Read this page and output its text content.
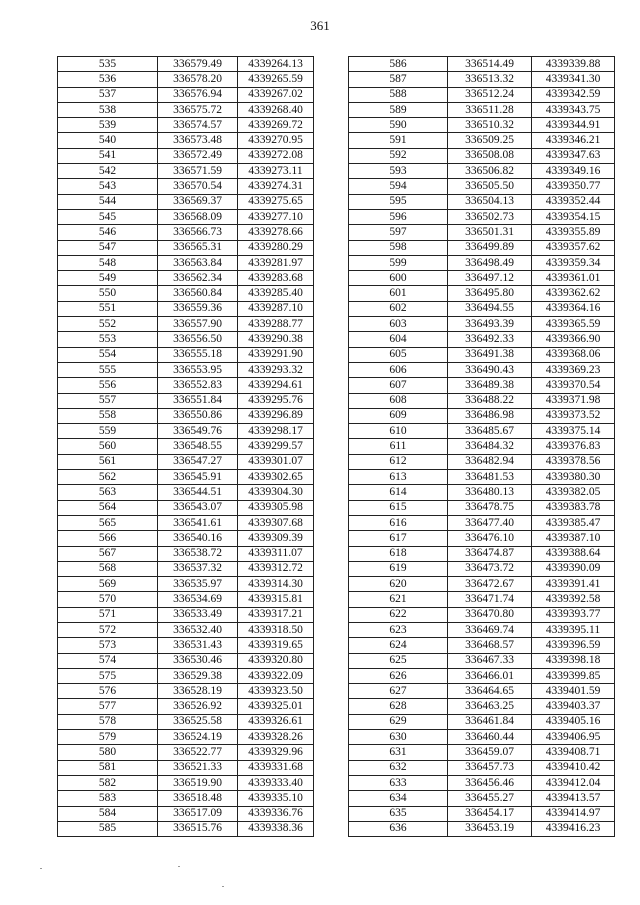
361
535	336579.49	4339264.13
536	336578.20	4339265.59
537	336576.94	4339267.02
538	336575.72	4339268.40
539	336574.57	4339269.72
540	336573.48	4339270.95
541	336572.49	4339272.08
542	336571.59	4339273.11
543	336570.54	4339274.31
544	336569.37	4339275.65
545	336568.09	4339277.10
546	336566.73	4339278.66
547	336565.31	4339280.29
548	336563.84	4339281.97
549	336562.34	4339283.68
550	336560.84	4339285.40
551	336559.36	4339287.10
552	336557.90	4339288.77
553	336556.50	4339290.38
554	336555.18	4339291.90
555	336553.95	4339293.32
556	336552.83	4339294.61
557	336551.84	4339295.76
558	336550.86	4339296.89
559	336549.76	4339298.17
560	336548.55	4339299.57
561	336547.27	4339301.07
562	336545.91	4339302.65
563	336544.51	4339304.30
564	336543.07	4339305.98
565	336541.61	4339307.68
566	336540.16	4339309.39
567	336538.72	4339311.07
568	336537.32	4339312.72
569	336535.97	4339314.30
570	336534.69	4339315.81
571	336533.49	4339317.21
572	336532.40	4339318.50
573	336531.43	4339319.65
574	336530.46	4339320.80
575	336529.38	4339322.09
576	336528.19	4339323.50
577	336526.92	4339325.01
578	336525.58	4339326.61
579	336524.19	4339328.26
580	336522.77	4339329.96
581	336521.33	4339331.68
582	336519.90	4339333.40
583	336518.48	4339335.10
584	336517.09	4339336.76
585	336515.76	4339338.36
586	336514.49	4339339.88
587	336513.32	4339341.30
588	336512.24	4339342.59
589	336511.28	4339343.75
590	336510.32	4339344.91
591	336509.25	4339346.21
592	336508.08	4339347.63
593	336506.82	4339349.16
594	336505.50	4339350.77
595	336504.13	4339352.44
596	336502.73	4339354.15
597	336501.31	4339355.89
598	336499.89	4339357.62
599	336498.49	4339359.34
600	336497.12	4339361.01
601	336495.80	4339362.62
602	336494.55	4339364.16
603	336493.39	4339365.59
604	336492.33	4339366.90
605	336491.38	4339368.06
606	336490.43	4339369.23
607	336489.38	4339370.54
608	336488.22	4339371.98
609	336486.98	4339373.52
610	336485.67	4339375.14
611	336484.32	4339376.83
612	336482.94	4339378.56
613	336481.53	4339380.30
614	336480.13	4339382.05
615	336478.75	4339383.78
616	336477.40	4339385.47
617	336476.10	4339387.10
618	336474.87	4339388.64
619	336473.72	4339390.09
620	336472.67	4339391.41
621	336471.74	4339392.58
622	336470.80	4339393.77
623	336469.74	4339395.11
624	336468.57	4339396.59
625	336467.33	4339398.18
626	336466.01	4339399.85
627	336464.65	4339401.59
628	336463.25	4339403.37
629	336461.84	4339405.16
630	336460.44	4339406.95
631	336459.07	4339408.71
632	336457.73	4339410.42
633	336456.46	4339412.04
634	336455.27	4339413.57
635	336454.17	4339414.97
636	336453.19	4339416.23
